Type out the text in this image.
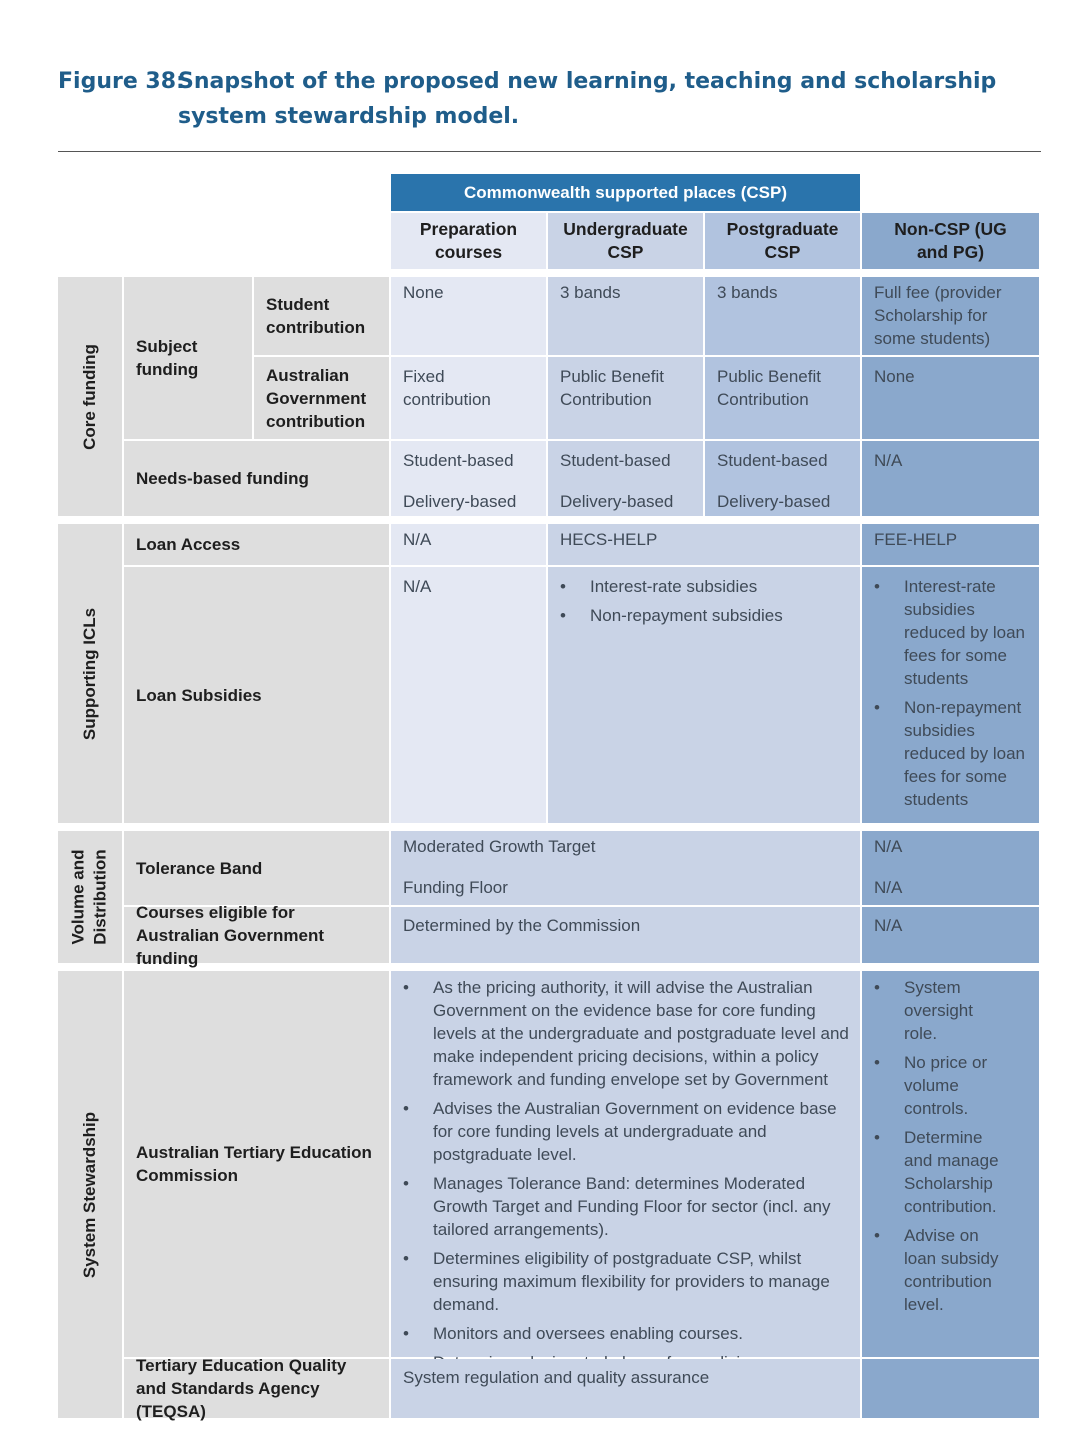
Figure 38:
Snapshot of the proposed new learning, teaching and scholarship system stewardship model.
Commonwealth supported places (CSP)
Preparation courses
Undergraduate CSP
Postgraduate CSP
Non-CSP (UG and PG)
Core funding Subject funding
Student contribution
Australian Government contribution
None	3 bands	3 bands	Full fee (provider Scholarship for some students)
Fixed contribution
Public Benefit Contribution
Public Benefit Contribution
None
Needs-based funding
Student-based
Delivery-based
Student-based
Delivery-based
Student-based
Delivery-based
N/A
Supporting ICLs
Loan Access	N/A	HECS-HELP	FEE-HELP
Loan Subsidies
N/A
•	Interest-rate subsidies
• Non-repayment subsidies
• Interest-rate subsidies reduced by loan fees for some students
• Non-repayment subsidies reduced by loan fees for some students
Volume and Distribution Tolerance Band
Moderated Growth Target
Funding Floor
N/A
N/A
Courses eligible for Australian Government funding
Determined by the Commission	N/A
System Stewardship Australian Tertiary Education Commission
• As the pricing authority, it will advise the Australian Government on the evidence base for core funding levels at the undergraduate and postgraduate level and make independent pricing decisions, within a policy framework and funding envelope set by Government
• Advises the Australian Government on evidence base for core funding levels at undergraduate and postgraduate level.
• Manages Tolerance Band: determines Moderated Growth Target and Funding Floor for sector (incl. any tailored arrangements).
• Determines eligibility of postgraduate CSP, whilst ensuring maximum flexibility for providers to manage demand.
• Monitors and oversees enabling courses.
•
• System oversight role.
• No price or volume controls.
• Determine and manage Scholarship contribution.
• Advise on loan subsidy contribution level.
Tertiary Education Quality and Standards Agency (TEQSA)
System regulation and quality assurance
